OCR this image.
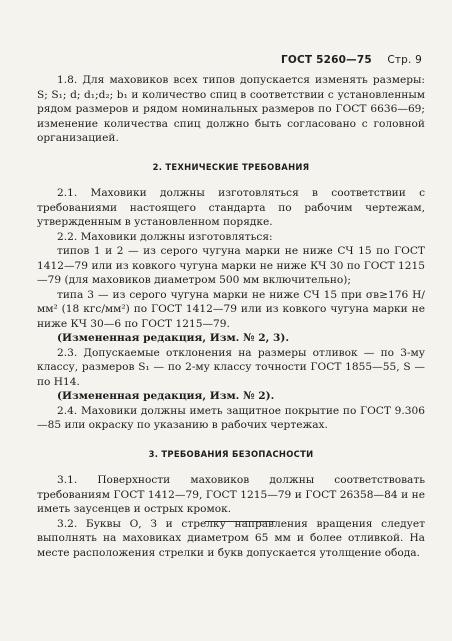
ГОСТ 5260—75 Стр. 9

1.8. Для маховиков всех типов допускается изменять размеры: S; S₁; d; d₁;d₂; b₁ и количество спиц в соответствии с установленным рядом размеров и рядом номинальных размеров по ГОСТ 6636—69; изменение количества спиц должно быть согласовано с головной организацией.

2. ТЕХНИЧЕСКИЕ ТРЕБОВАНИЯ

2.1. Маховики должны изготовляться в соответствии с требованиями настоящего стандарта по рабочим чертежам, утвержденным в установленном порядке.

2.2. Маховики должны изготовляться:

типов 1 и 2 — из серого чугуна марки не ниже СЧ 15 по ГОСТ 1412—79 или из ковкого чугуна марки не ниже КЧ 30 по ГОСТ 1215—79 (для маховиков диаметром 500 мм включительно);

типа 3 — из серого чугуна марки не ниже СЧ 15 при σв≥176 Н/мм² (18 кгс/мм²) по ГОСТ 1412—79 или из ковкого чугуна марки не ниже КЧ 30—6 по ГОСТ 1215—79.

(Измененная редакция, Изм. № 2, 3).

2.3. Допускаемые отклонения на размеры отливок — по 3-му классу, размеров S₁ — по 2-му классу точности ГОСТ 1855—55, S — по H14.

(Измененная редакция, Изм. № 2).

2.4. Маховики должны иметь защитное покрытие по ГОСТ 9.306—85 или окраску по указанию в рабочих чертежах.

3. ТРЕБОВАНИЯ БЕЗОПАСНОСТИ

3.1. Поверхности маховиков должны соответствовать требованиям ГОСТ 1412—79, ГОСТ 1215—79 и ГОСТ 26358—84 и не иметь заусенцев и острых кромок.

3.2. Буквы О, З и стрелку направления вращения следует выполнять на маховиках диаметром 65 мм и более отливкой. На месте расположения стрелки и букв допускается утолщение обода.
